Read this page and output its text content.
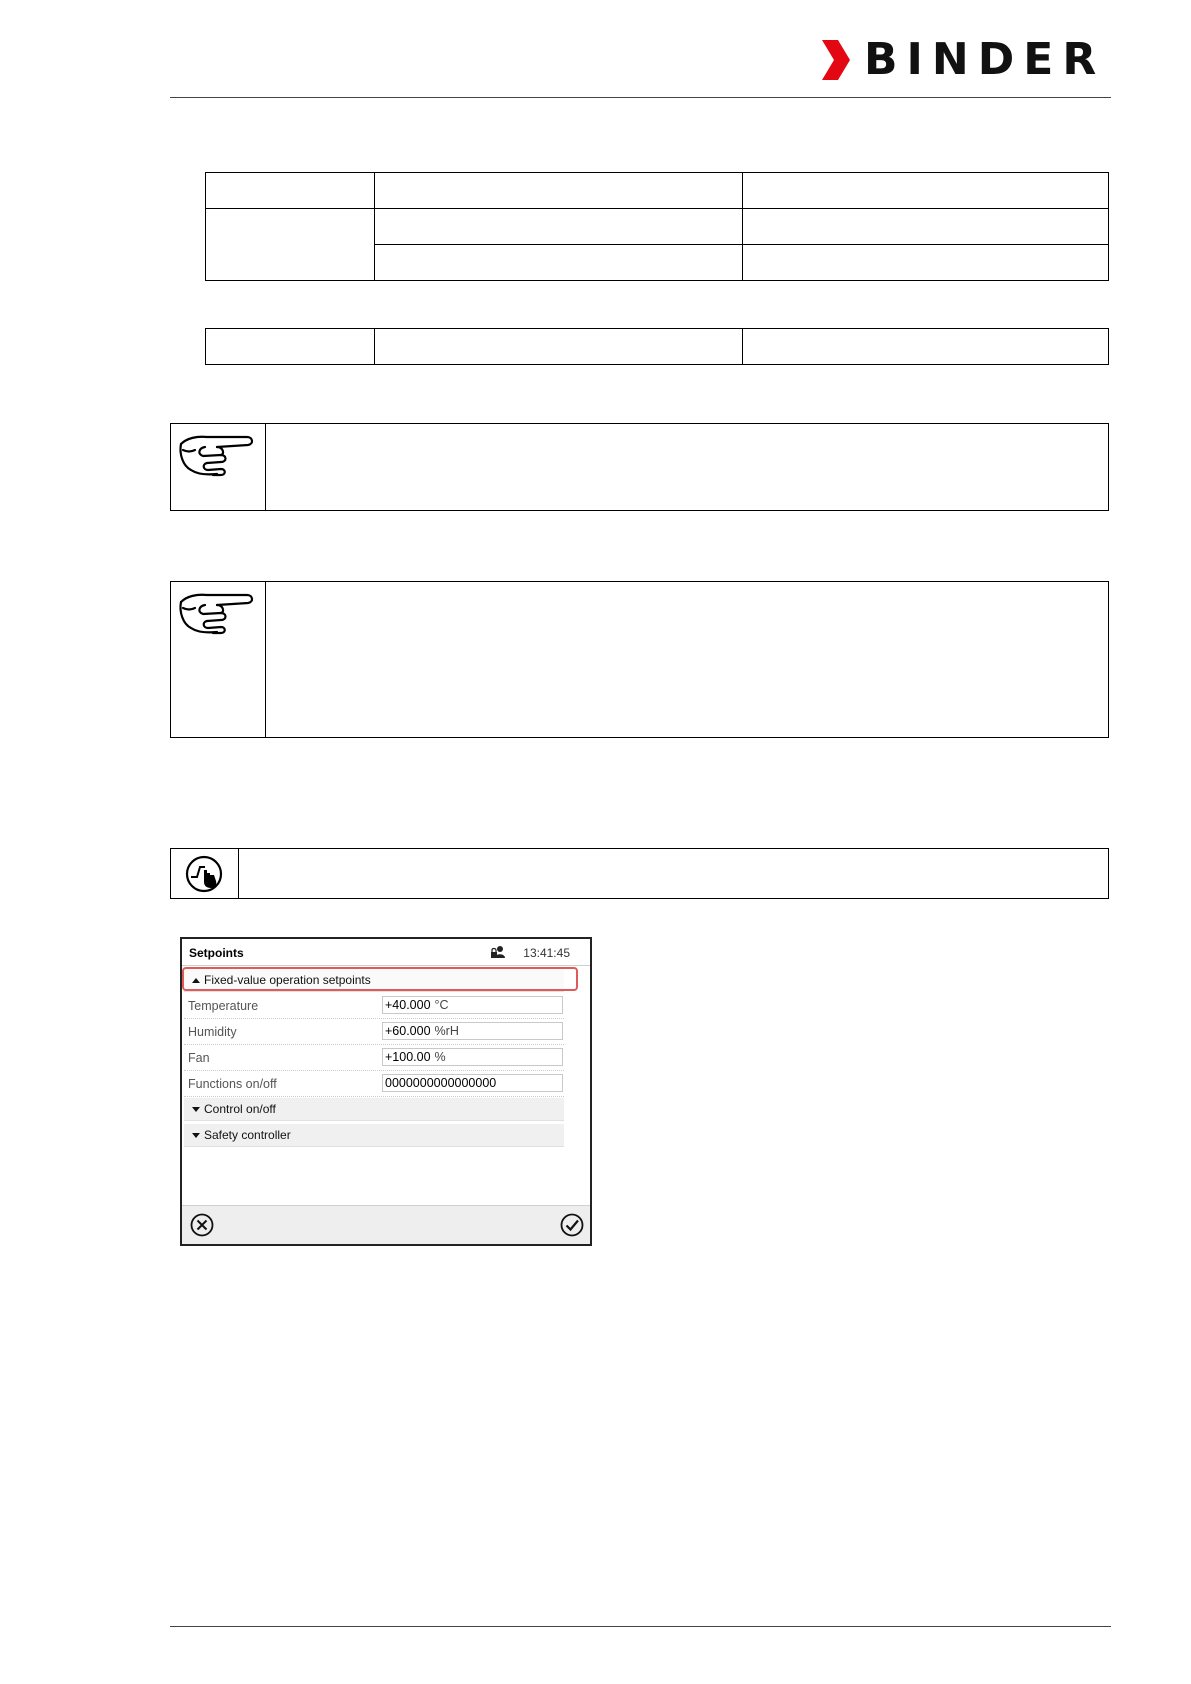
BINDER

Setpoints	13:41:45
Fixed-value operation setpoints
Temperature	+40.000 °C
Humidity	+60.000 %rH
Fan	+100.00 %
Functions on/off	0000000000000000
Control on/off
Safety controller
